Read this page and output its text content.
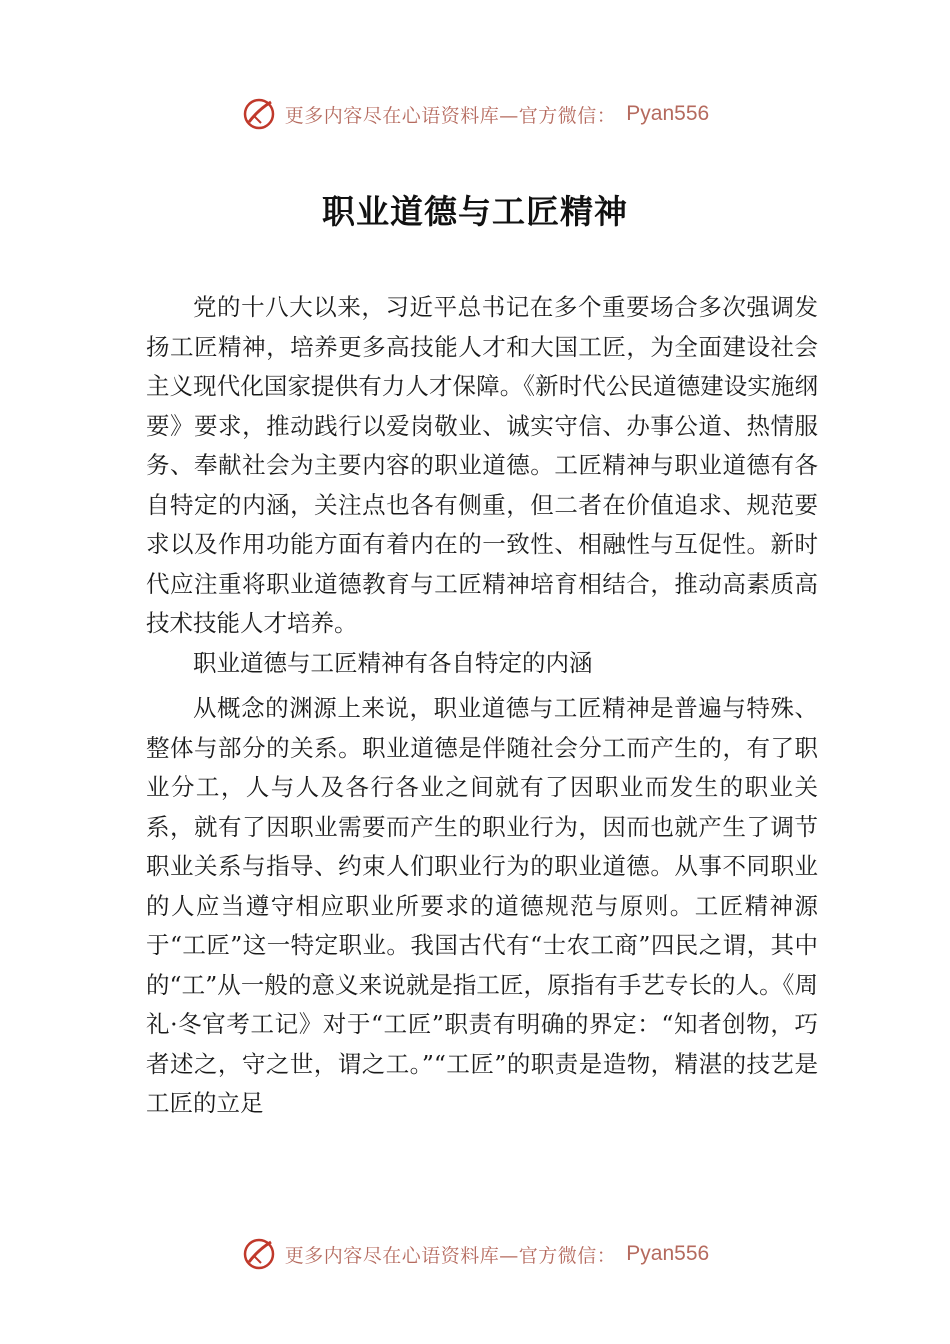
更多内容尽在心语资料库—官方微信： Pyan556
职业道德与工匠精神

党的十八大以来，习近平总书记在多个重要场合多次强调发扬工匠精神，培养更多高技能人才和大国工匠，为全面建设社会主义现代化国家提供有力人才保障。《新时代公民道德建设实施纲要》要求，推动践行以爱岗敬业、诚实守信、办事公道、热情服务、奉献社会为主要内容的职业道德。工匠精神与职业道德有各自特定的内涵，关注点也各有侧重，但二者在价值追求、规范要求以及作用功能方面有着内在的一致性、相融性与互促性。新时代应注重将职业道德教育与工匠精神培育相结合，推动高素质高技术技能人才培养。

职业道德与工匠精神有各自特定的内涵

从概念的渊源上来说，职业道德与工匠精神是普遍与特殊、整体与部分的关系。职业道德是伴随社会分工而产生的，有了职业分工，人与人及各行各业之间就有了因职业而发生的职业关系，就有了因职业需要而产生的职业行为，因而也就产生了调节职业关系与指导、约束人们职业行为的职业道德。从事不同职业的人应当遵守相应职业所要求的道德规范与原则。工匠精神源于“工匠”这一特定职业。我国古代有“士农工商”四民之谓，其中的“工”从一般的意义来说就是指工匠，原指有手艺专长的人。《周礼·冬官考工记》对于“工匠”职责有明确的界定：“知者创物，巧者述之，守之世，谓之工。”“工匠”的职责是造物，精湛的技艺是工匠的立足

更多内容尽在心语资料库—官方微信： Pyan556
